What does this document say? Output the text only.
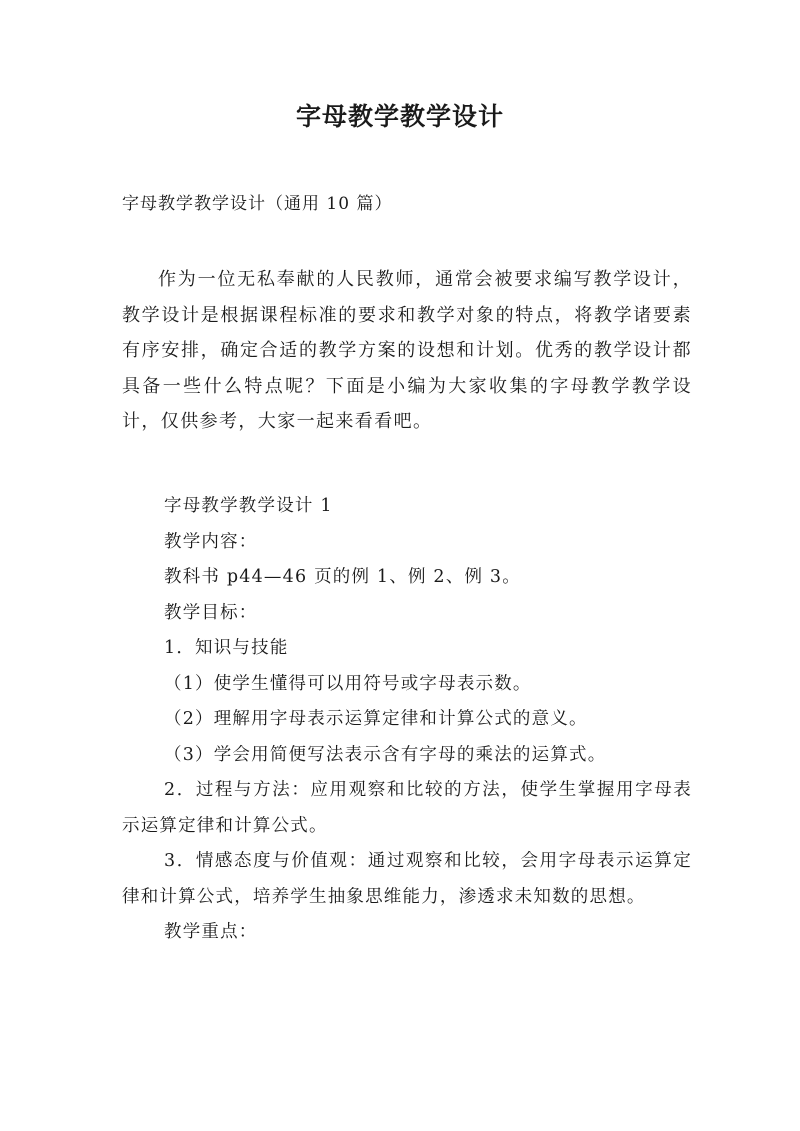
字母教学教学设计

字母教学教学设计（通用 10 篇）

作为一位无私奉献的人民教师，通常会被要求编写教学设计，教学设计是根据课程标准的要求和教学对象的特点，将教学诸要素有序安排，确定合适的教学方案的设想和计划。优秀的教学设计都具备一些什么特点呢？下面是小编为大家收集的字母教学教学设计，仅供参考，大家一起来看看吧。

字母教学教学设计 1

教学内容：

教科书 p44—46 页的例 1、例 2、例 3。

教学目标：

1．知识与技能

（1）使学生懂得可以用符号或字母表示数。

（2）理解用字母表示运算定律和计算公式的意义。

（3）学会用简便写法表示含有字母的乘法的运算式。

2．过程与方法：应用观察和比较的方法，使学生掌握用字母表示运算定律和计算公式。

3．情感态度与价值观：通过观察和比较，会用字母表示运算定律和计算公式，培养学生抽象思维能力，渗透求未知数的思想。

教学重点：
